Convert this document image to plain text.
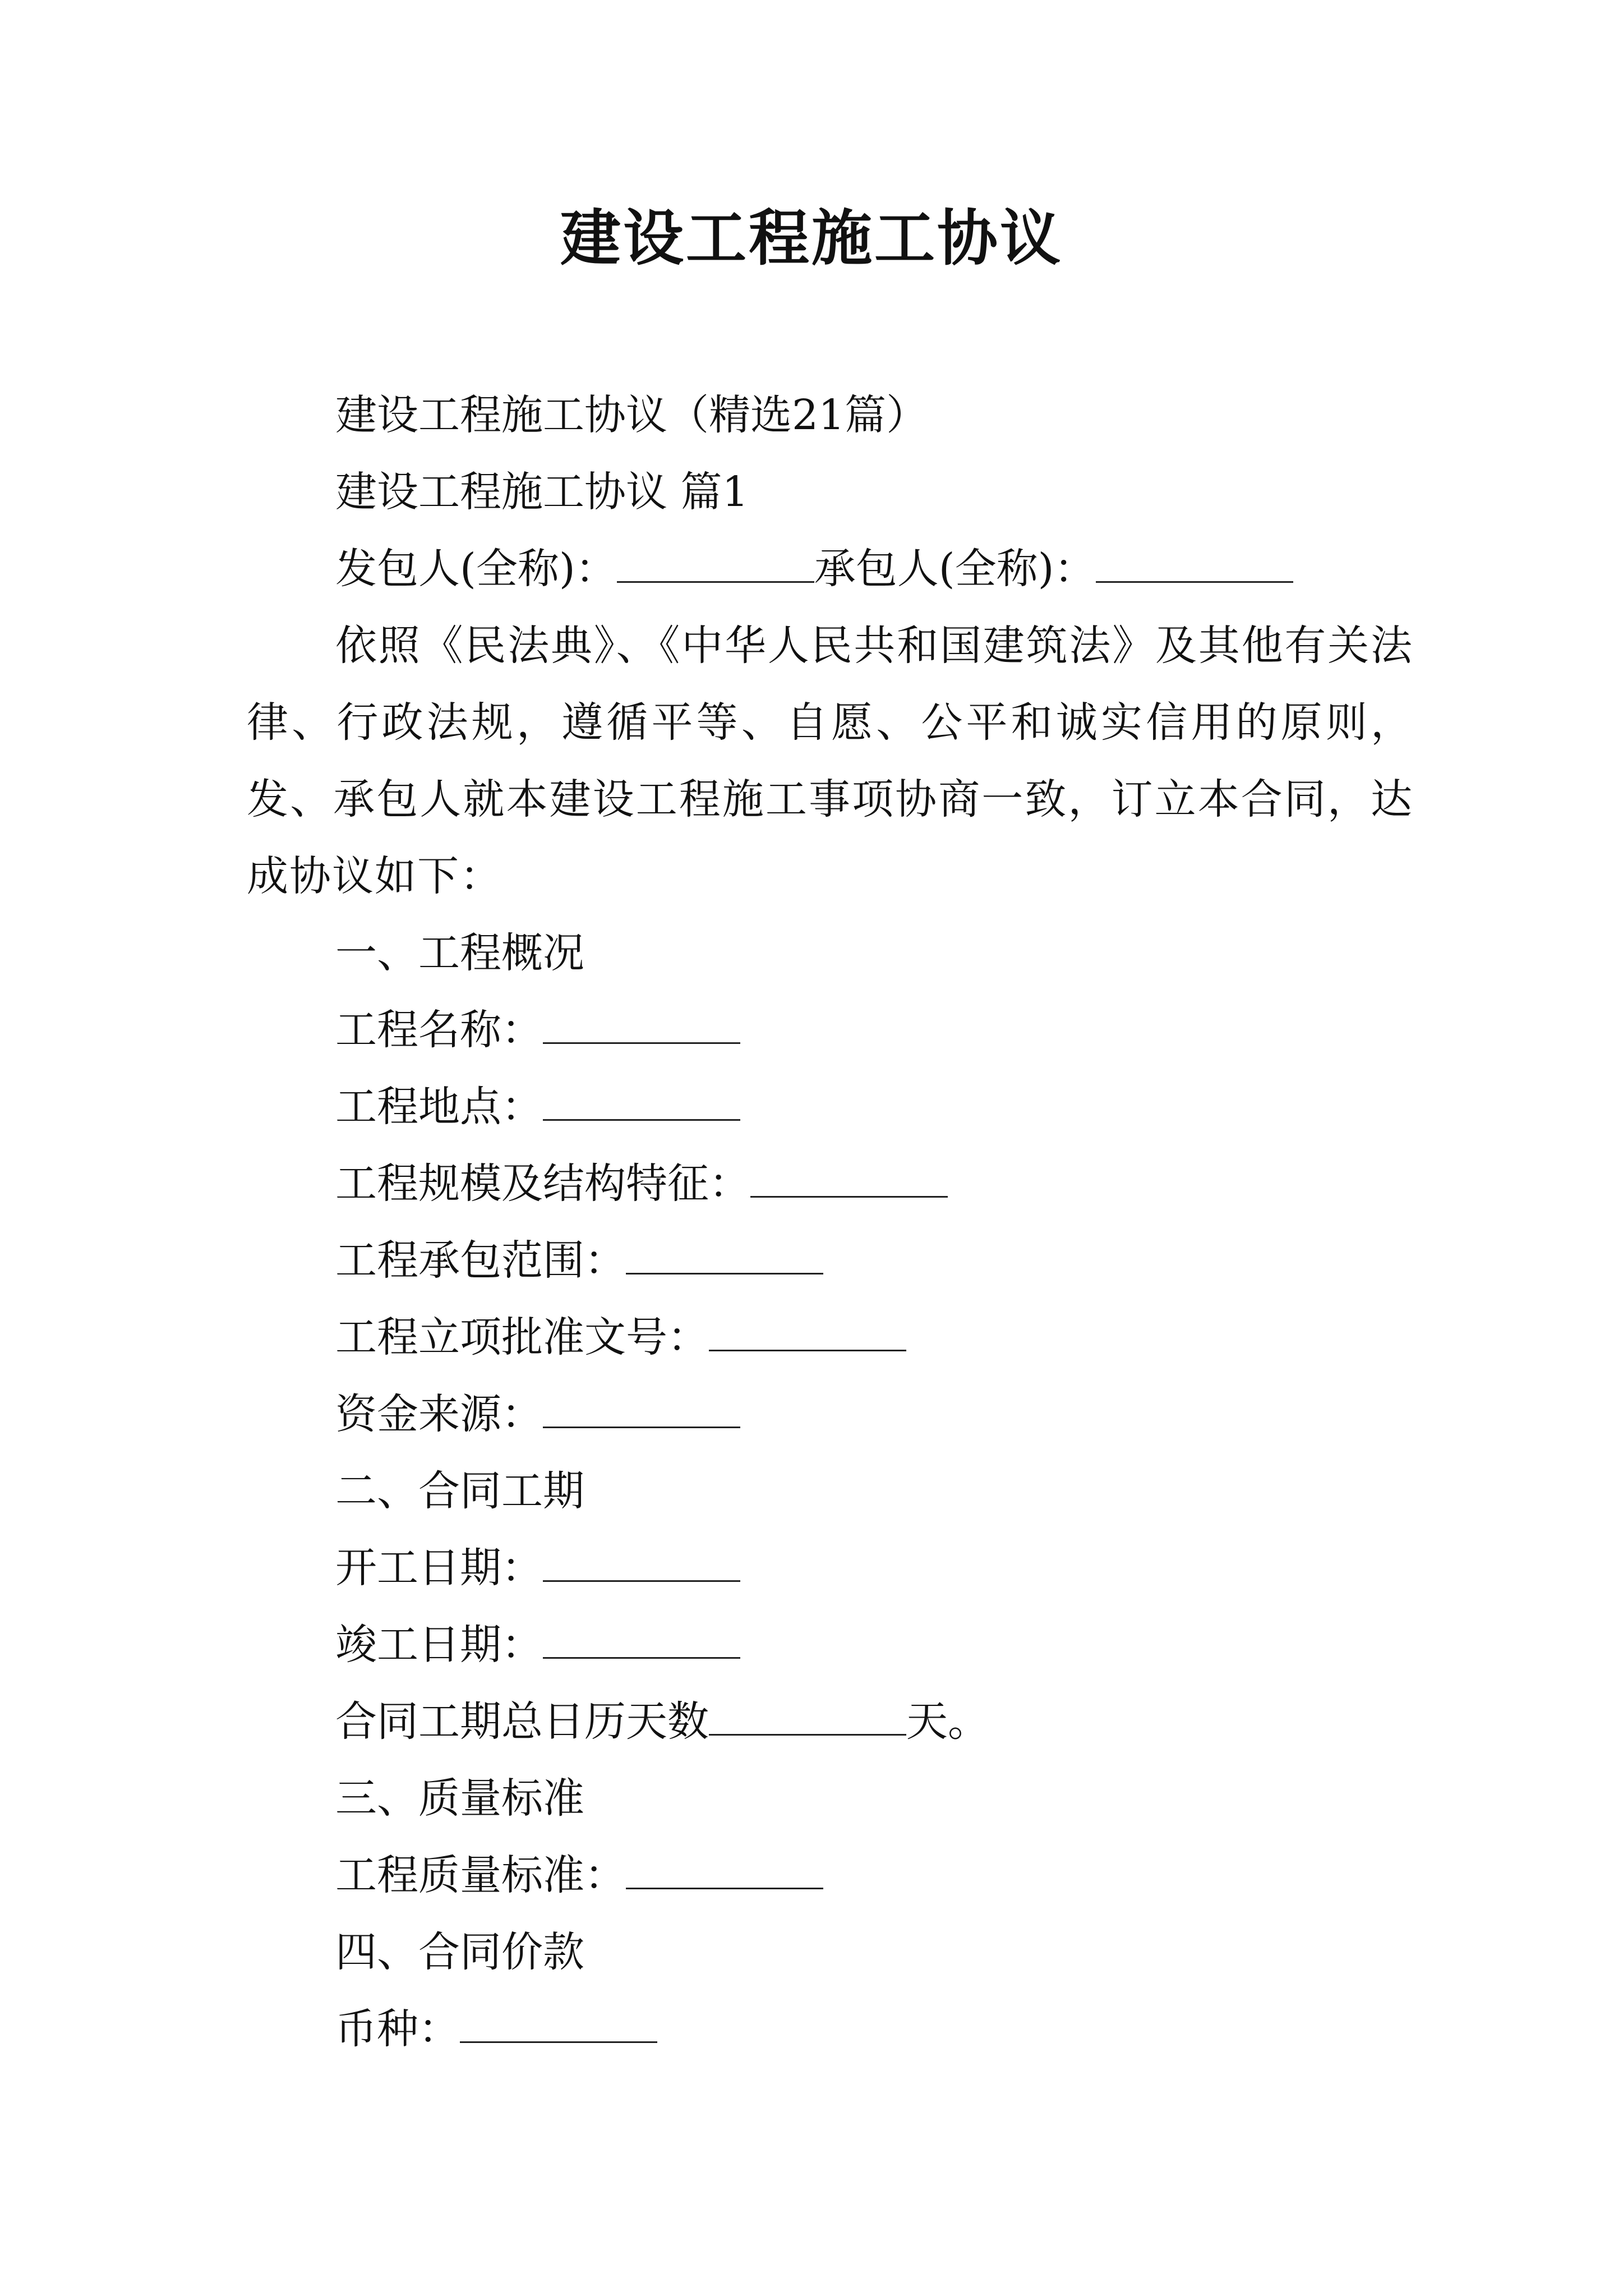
建设工程施工协议

建设工程施工协议（精选21篇）

建设工程施工协议 篇1

发包人(全称)：	承包人(全称)：

依照《民法典》、《中华人民共和国建筑法》及其他有关法律、行政法规，遵循平等、自愿、公平和诚实信用的原则，发、承包人就本建设工程施工事项协商一致，订立本合同，达成协议如下：

一、工程概况

工程名称：

工程地点：

工程规模及结构特征：

工程承包范围：

工程立项批准文号：

资金来源：

二、合同工期

开工日期：

竣工日期：

合同工期总日历天数	天。

三、质量标准

工程质量标准：

四、合同价款

币种：
